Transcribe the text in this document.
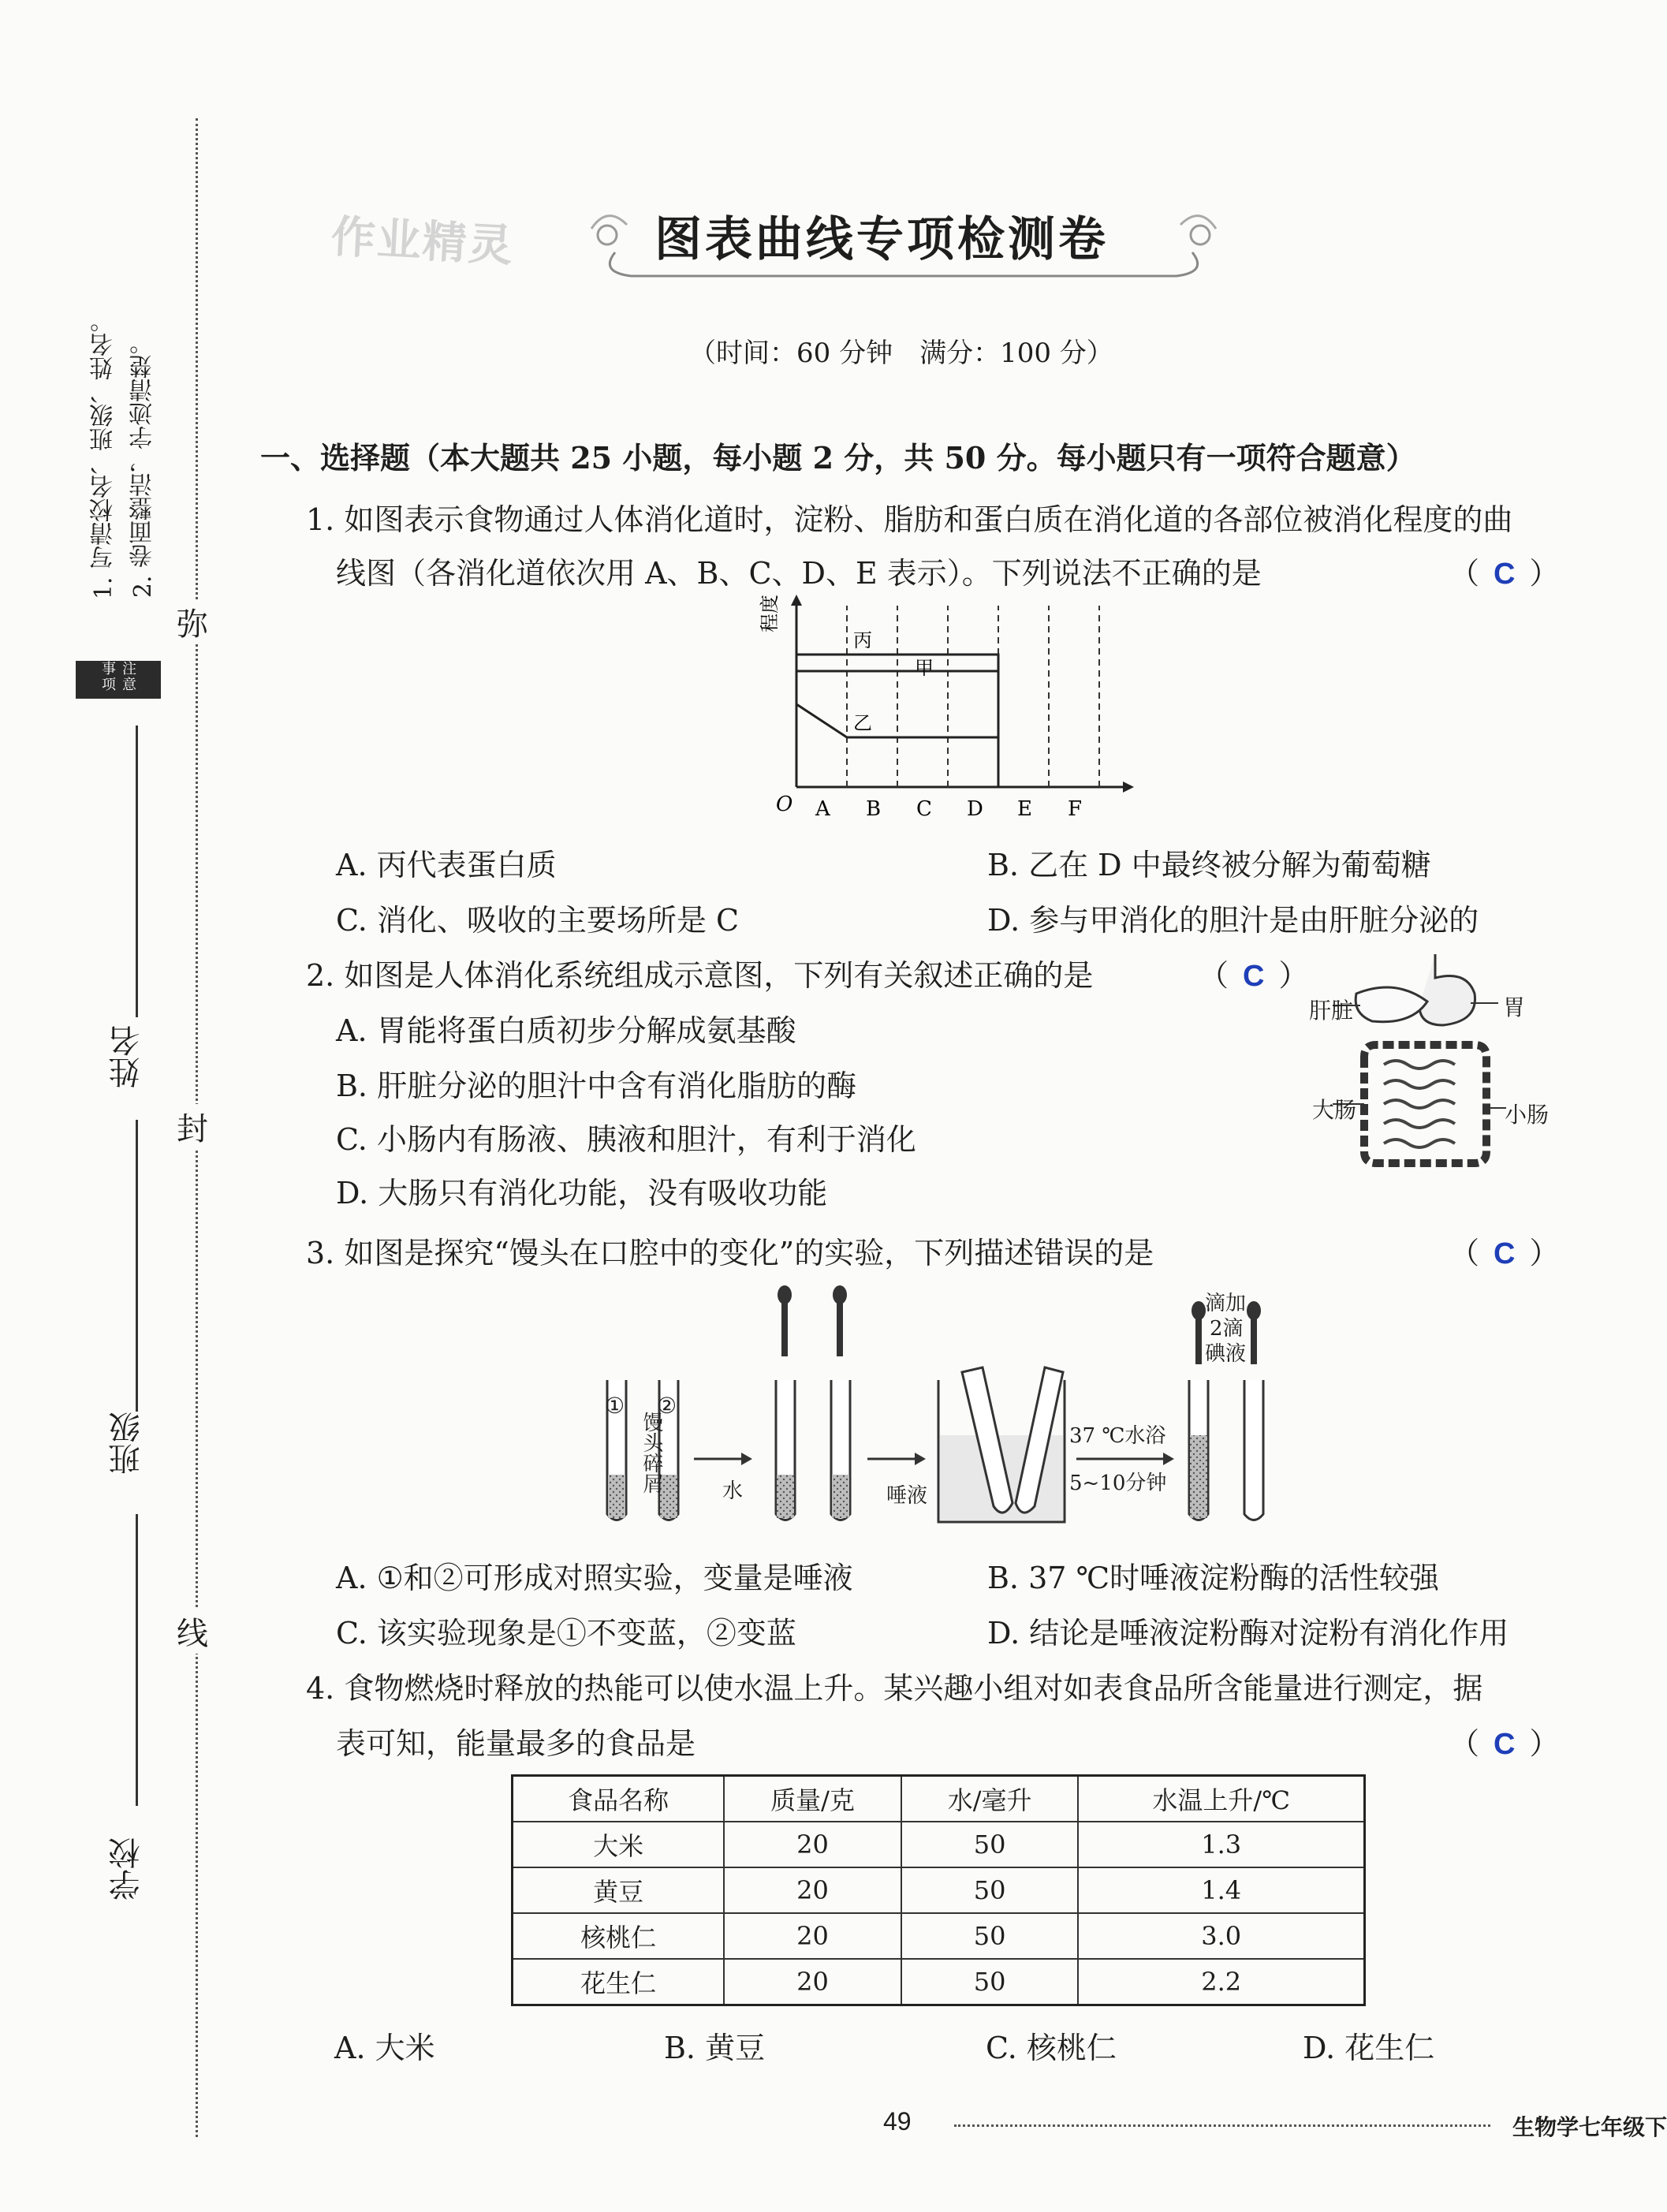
注意事项
1. 写清校名、班级、姓名。 2. 卷面整洁，字迹清楚。
弥
封
线
姓名
班级
学校
作业精灵	图表曲线专项检测卷
（时间：60 分钟　满分：100 分）
一、选择题（本大题共 25 小题，每小题 2 分，共 50 分。每小题只有一项符合题意）
1. 如图表示食物通过人体消化道时，淀粉、脂肪和蛋白质在消化道的各部位被消化程度的曲
线图（各消化道依次用 A、B、C、D、E 表示）。下列说法不正确的是	（ C ）
程度
O A B C D E F
丙
甲
乙
A. 丙代表蛋白质	B. 乙在 D 中最终被分解为葡萄糖
C. 消化、吸收的主要场所是 C	D. 参与甲消化的胆汁是由肝脏分泌的
2. 如图是人体消化系统组成示意图，下列有关叙述正确的是	（ C ）
A. 胃能将蛋白质初步分解成氨基酸
B. 肝脏分泌的胆汁中含有消化脂肪的酶
C. 小肠内有肠液、胰液和胆汁，有利于消化
D. 大肠只有消化功能，没有吸收功能
肝脏	胃
大肠	小肠
3. 如图是探究“馒头在口腔中的变化”的实验，下列描述错误的是	（ C ）
① ②
馒头碎屑	水	唾液
37 ℃水浴
5~10分钟
滴加
2滴
碘液
A. ①和②可形成对照实验，变量是唾液	B. 37 ℃时唾液淀粉酶的活性较强
C. 该实验现象是①不变蓝，②变蓝	D. 结论是唾液淀粉酶对淀粉有消化作用
4. 食物燃烧时释放的热能可以使水温上升。某兴趣小组对如表食品所含能量进行测定，据
表可知，能量最多的食品是	（ C ）
食品名称	质量/克	水/毫升	水温上升/℃
大米	20	50	1.3
黄豆	20	50	1.4
核桃仁	20	50	3.0
花生仁	20	50	2.2
A. 大米	B. 黄豆	C. 核桃仁	D. 花生仁
49	生物学七年级下
